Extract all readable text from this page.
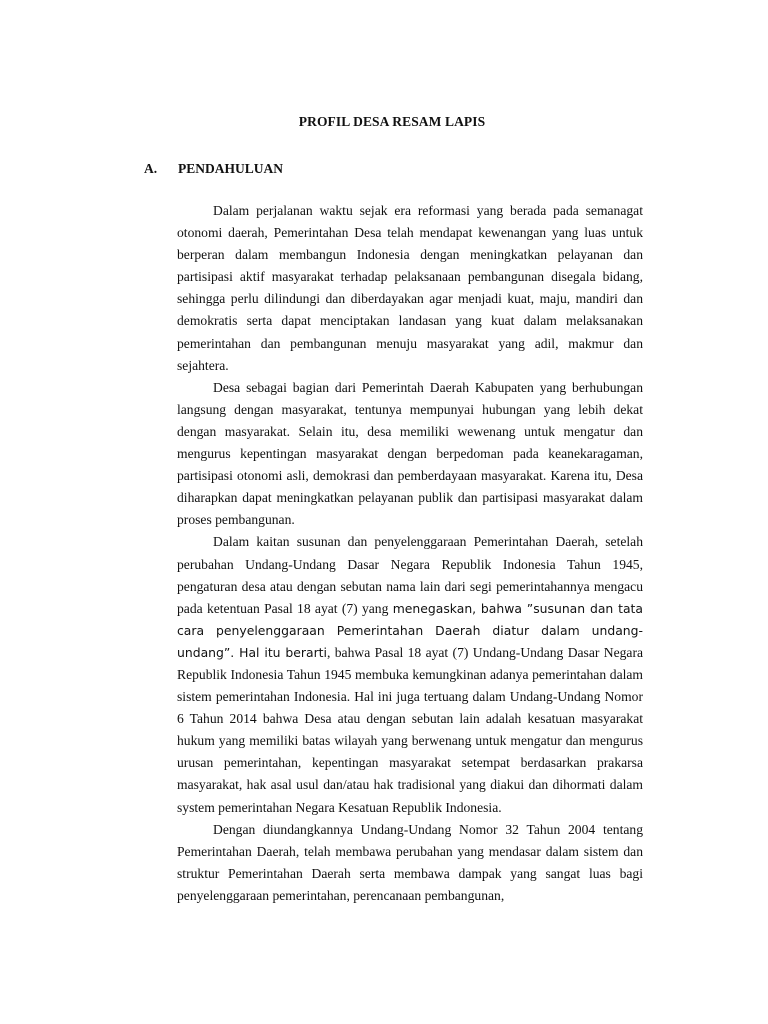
PROFIL DESA RESAM LAPIS
A. PENDAHULUAN

Dalam perjalanan waktu sejak era reformasi yang berada pada semanagat otonomi daerah, Pemerintahan Desa telah mendapat kewenangan yang luas untuk berperan dalam membangun Indonesia dengan meningkatkan pelayanan dan partisipasi aktif masyarakat terhadap pelaksanaan pembangunan disegala bidang, sehingga perlu dilindungi dan diberdayakan agar menjadi kuat, maju, mandiri dan demokratis serta dapat menciptakan landasan yang kuat dalam melaksanakan pemerintahan dan pembangunan menuju masyarakat yang adil, makmur dan sejahtera.

Desa sebagai bagian dari Pemerintah Daerah Kabupaten yang berhubungan langsung dengan masyarakat, tentunya mempunyai hubungan yang lebih dekat dengan masyarakat. Selain itu, desa memiliki wewenang untuk mengatur dan mengurus kepentingan masyarakat dengan berpedoman pada keanekaragaman, partisipasi otonomi asli, demokrasi dan pemberdayaan masyarakat. Karena itu, Desa diharapkan dapat meningkatkan pelayanan publik dan partisipasi masyarakat dalam proses pembangunan.

Dalam kaitan susunan dan penyelenggaraan Pemerintahan Daerah, setelah perubahan Undang-Undang Dasar Negara Republik Indonesia Tahun 1945, pengaturan desa atau dengan sebutan nama lain dari segi pemerintahannya mengacu pada ketentuan Pasal 18 ayat (7) yang menegaskan, bahwa ”susunan dan tata cara penyelenggaraan Pemerintahan Daerah diatur dalam undang-undang”. Hal itu berarti, bahwa Pasal 18 ayat (7) Undang-Undang Dasar Negara Republik Indonesia Tahun 1945 membuka kemungkinan adanya pemerintahan dalam sistem pemerintahan Indonesia. Hal ini juga tertuang dalam Undang-Undang Nomor 6 Tahun 2014 bahwa Desa atau dengan sebutan lain adalah kesatuan masyarakat hukum yang memiliki batas wilayah yang berwenang untuk mengatur dan mengurus urusan pemerintahan, kepentingan masyarakat setempat berdasarkan prakarsa masyarakat, hak asal usul dan/atau hak tradisional yang diakui dan dihormati dalam system pemerintahan Negara Kesatuan Republik Indonesia.

Dengan diundangkannya Undang-Undang Nomor 32 Tahun 2004 tentang Pemerintahan Daerah, telah membawa perubahan yang mendasar dalam sistem dan struktur Pemerintahan Daerah serta membawa dampak yang sangat luas bagi penyelenggaraan pemerintahan, perencanaan pembangunan,
